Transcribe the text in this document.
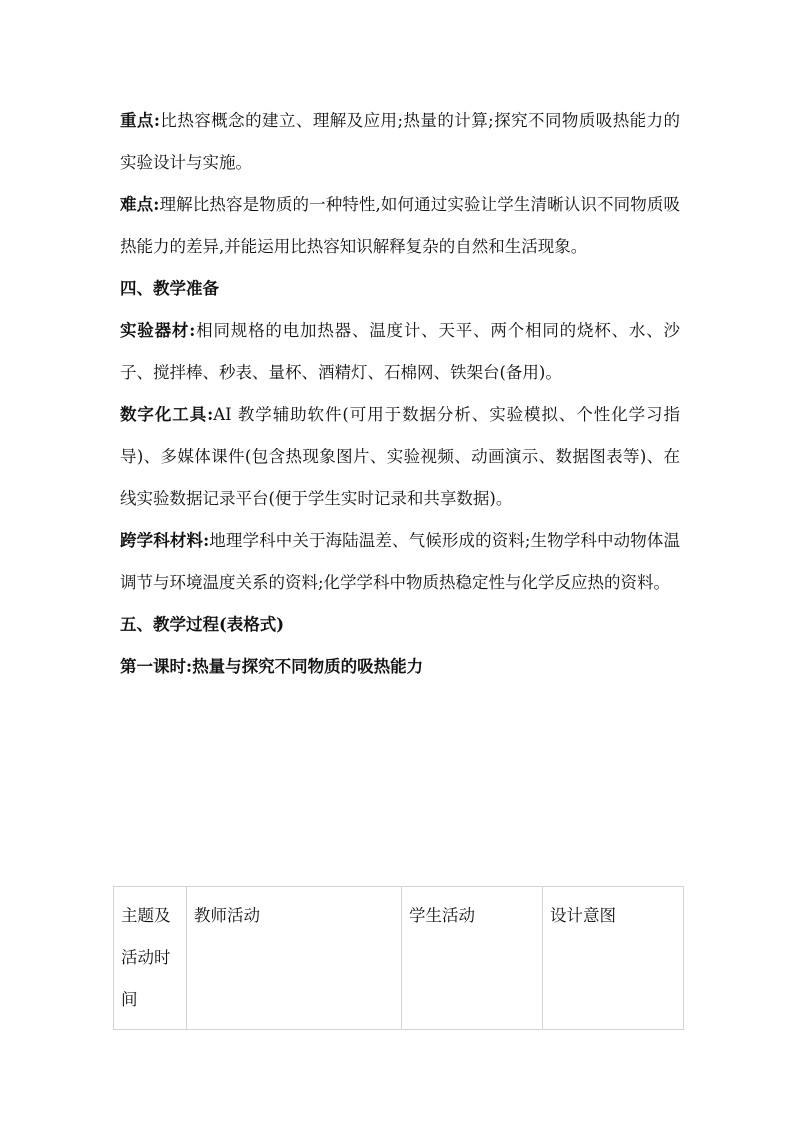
重点:比热容概念的建立、理解及应用;热量的计算;探究不同物质吸热能力的实验设计与实施。

难点:理解比热容是物质的一种特性,如何通过实验让学生清晰认识不同物质吸热能力的差异,并能运用比热容知识解释复杂的自然和生活现象。

四、教学准备

实验器材:相同规格的电加热器、温度计、天平、两个相同的烧杯、水、沙子、搅拌棒、秒表、量杯、酒精灯、石棉网、铁架台(备用)。

数字化工具:AI 教学辅助软件(可用于数据分析、实验模拟、个性化学习指导)、多媒体课件(包含热现象图片、实验视频、动画演示、数据图表等)、在线实验数据记录平台(便于学生实时记录和共享数据)。

跨学科材料:地理学科中关于海陆温差、气候形成的资料;生物学科中动物体温调节与环境温度关系的资料;化学学科中物质热稳定性与化学反应热的资料。

五、教学过程(表格式)

第一课时:热量与探究不同物质的吸热能力

主题及活动时间	教师活动	学生活动	设计意图
